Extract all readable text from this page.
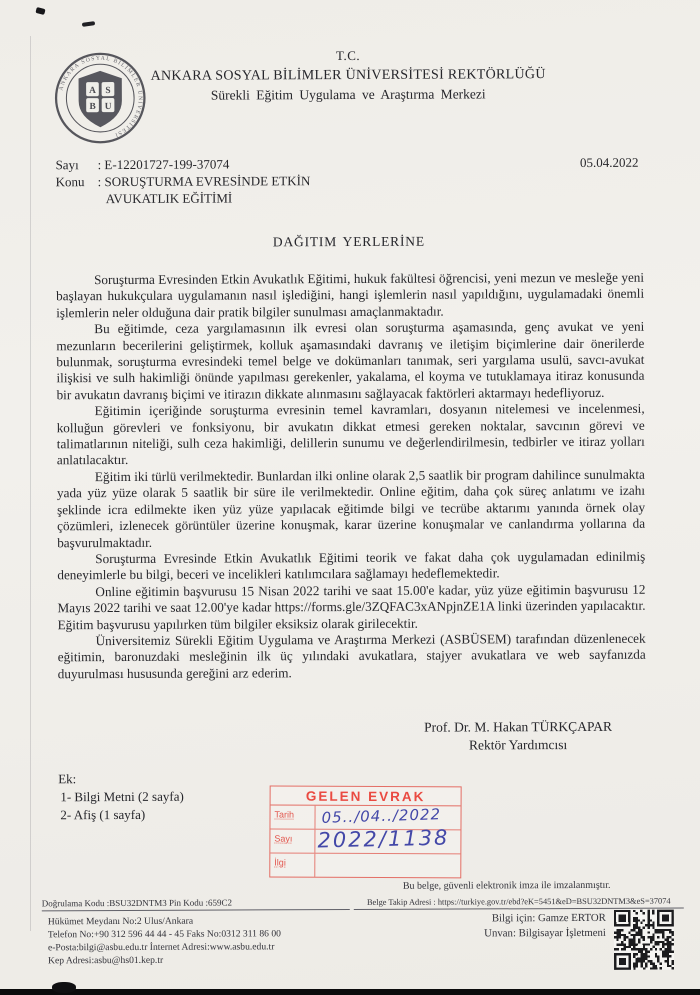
ANKARA SOSYAL BİLİMLER ÜNİVERSİTESİ
A S
B U
T.C.
ANKARA SOSYAL BİLİMLER ÜNİVERSİTESİ REKTÖRLÜĞÜ
Sürekli Eğitim Uygulama ve Araştırma Merkezi
05.04.2022
Sayı	: E-12201727-199-37074
Konu	: SORUŞTURMA EVRESİNDE ETKİN
AVUKATLIK EĞİTİMİ
DAĞITIM YERLERİNE

Soruşturma Evresinden Etkin Avukatlık Eğitimi, hukuk fakültesi öğrencisi, yeni mezun ve mesleğe yeni başlayan hukukçulara uygulamanın nasıl işlediğini, hangi işlemlerin nasıl yapıldığını, uygulamadaki önemli işlemlerin neler olduğuna dair pratik bilgiler sunulması amaçlanmaktadır.

Bu eğitimde, ceza yargılamasının ilk evresi olan soruşturma aşamasında, genç avukat ve yeni mezunların becerilerini geliştirmek, kolluk aşamasındaki davranış ve iletişim biçimlerine dair önerilerde bulunmak, soruşturma evresindeki temel belge ve dokümanları tanımak, seri yargılama usulü, savcı-avukat ilişkisi ve sulh hakimliği önünde yapılması gerekenler, yakalama, el koyma ve tutuklamaya itiraz konusunda bir avukatın davranış biçimi ve itirazın dikkate alınmasını sağlayacak faktörleri aktarmayı hedefliyoruz.

Eğitimin içeriğinde soruşturma evresinin temel kavramları, dosyanın nitelemesi ve incelenmesi, kolluğun görevleri ve fonksiyonu, bir avukatın dikkat etmesi gereken noktalar, savcının görevi ve talimatlarının niteliği, sulh ceza hakimliği, delillerin sunumu ve değerlendirilmesin, tedbirler ve itiraz yolları anlatılacaktır.

Eğitim iki türlü verilmektedir. Bunlardan ilki online olarak 2,5 saatlik bir program dahilince sunulmakta yada yüz yüze olarak 5 saatlik bir süre ile verilmektedir. Online eğitim, daha çok süreç anlatımı ve izahı şeklinde icra edilmekte iken yüz yüze yapılacak eğitimde bilgi ve tecrübe aktarımı yanında örnek olay çözümleri, izlenecek görüntüler üzerine konuşmak, karar üzerine konuşmalar ve canlandırma yollarına da başvurulmaktadır.

Soruşturma Evresinde Etkin Avukatlık Eğitimi teorik ve fakat daha çok uygulamadan edinilmiş deneyimlerle bu bilgi, beceri ve incelikleri katılımcılara sağlamayı hedeflemektedir.

Online eğitimin başvurusu 15 Nisan 2022 tarihi ve saat 15.00'e kadar, yüz yüze eğitimin başvurusu 12 Mayıs 2022 tarihi ve saat 12.00'ye kadar https://forms.gle/3ZQFAC3xANpjnZE1A linki üzerinden yapılacaktır. Eğitim başvurusu yapılırken tüm bilgiler eksiksiz olarak girilecektir.

Üniversitemiz Sürekli Eğitim Uygulama ve Araştırma Merkezi (ASBÜSEM) tarafından düzenlenecek eğitimin, baronuzdaki mesleğinin ilk üç yılındaki avukatlara, stajyer avukatlara ve web sayfanızda duyurulması hususunda gereğini arz ederim.

Prof. Dr. M. Hakan TÜRKÇAPAR
Rektör Yardımcısı
Ek:
1- Bilgi Metni (2 sayfa)
2- Afiş (1 sayfa)
GELEN EVRAK
Tarih	05../04../2022
Sayı	2022/1138
İlgi
Bu belge, güvenli elektronik imza ile imzalanmıştır.
Doğrulama Kodu :BSU32DNTM3 Pin Kodu :659C2	Belge Takip Adresi : https://turkiye.gov.tr/ebd?eK=5451&eD=BSU32DNTM3&eS=37074
Hükümet Meydanı No:2 Ulus/Ankara
Telefon No:+90 312 596 44 44 - 45 Faks No:0312 311 86 00
e-Posta:bilgi@asbu.edu.tr İnternet Adresi:www.asbu.edu.tr
Kep Adresi:asbu@hs01.kep.tr
Bilgi için: Gamze ERTOR
Unvan: Bilgisayar İşletmeni
